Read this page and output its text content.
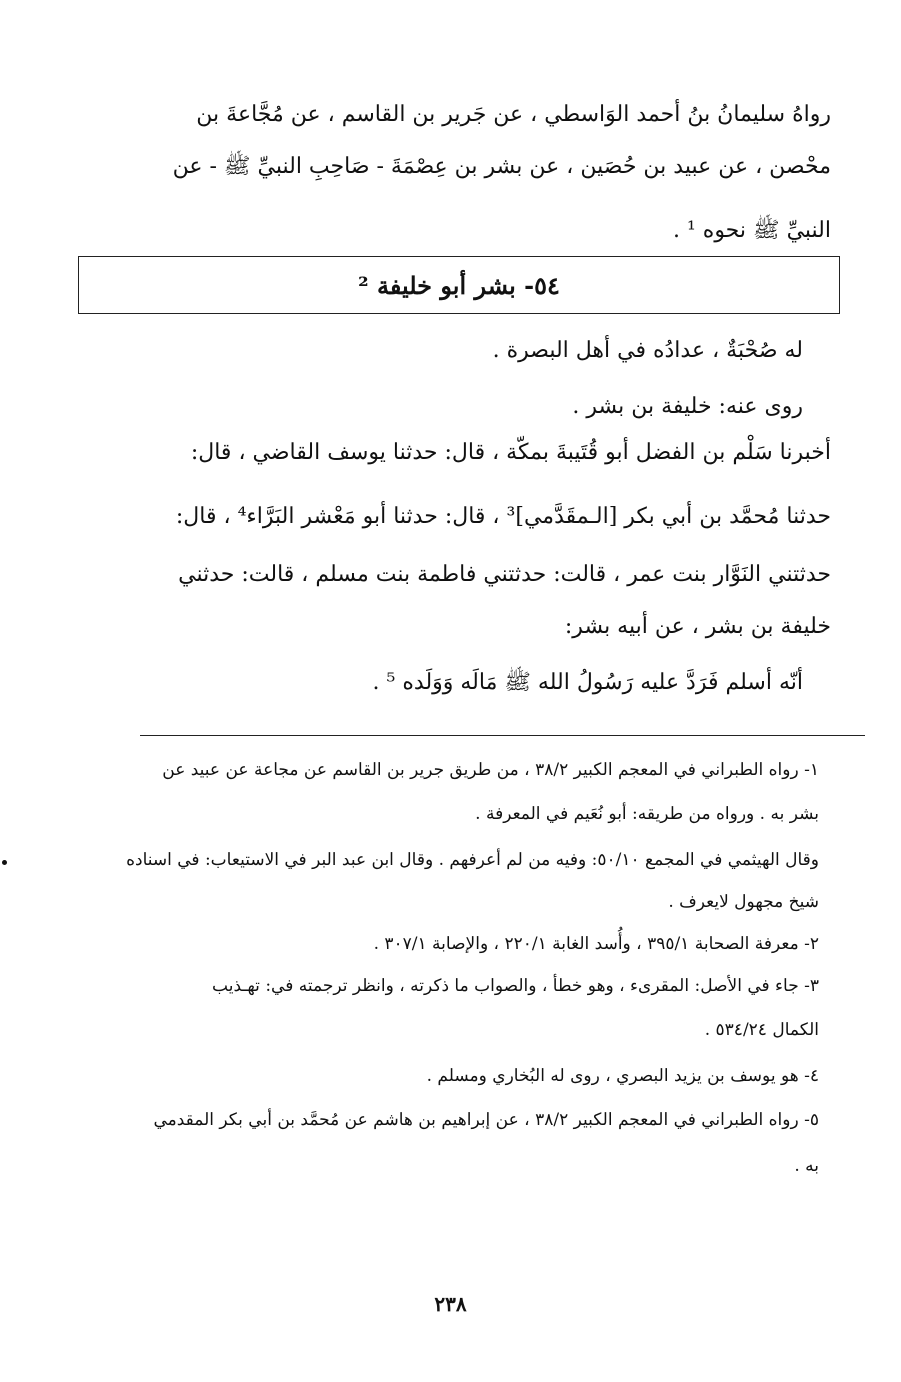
رواهُ سليمانُ بنُ أحمد الوَاسطي ، عن جَرير بن القاسم ، عن مُجَّاعةَ بن
محْصن ، عن عبيد بن حُصَين ، عن بشر بن عِصْمَةَ - صَاحِبِ النبيِّ ﷺ - عن
النبيِّ ﷺ نحوه ¹ .
٥٤- بشر أبو خليفة ²
له صُحْبَةٌ ، عدادُه في أهل البصرة .
روى عنه: خليفة بن بشر .
أخبرنا سَلْم بن الفضل أبو قُتَيبةَ بمكّة ، قال: حدثنا يوسف القاضي ، قال:
حدثنا مُحمَّد بن أبي بكر [الـمقَدَّمي]³ ، قال: حدثنا أبو مَعْشر البَرَّاء⁴ ، قال:
حدثتني النَوَّار بنت عمر ، قالت: حدثتني فاطمة بنت مسلم ، قالت: حدثني
خليفة بن بشر ، عن أبيه بشر:
أنّه أسلم فَرَدَّ عليه رَسُولُ الله ﷺ مَالَه وَوَلَده ⁵ .
١- رواه الطبراني في المعجم الكبير ٣٨/٢ ، من طريق جرير بن القاسم عن مجاعة عن عبيد عن
بشر به . ورواه من طريقه: أبو نُعَيم في المعرفة .
وقال الهيثمي في المجمع ٥٠/١٠: وفيه من لم أعرفهم . وقال ابن عبد البر في الاستيعاب: في اسناده
شيخ مجهول لايعرف .
٢- معرفة الصحابة ٣٩٥/١ ، وأُسد الغابة ٢٢٠/١ ، والإصابة ٣٠٧/١ .
٣- جاء في الأصل: المقرىء ، وهو خطأ ، والصواب ما ذكرته ، وانظر ترجمته في: تهـذيب
الكمال ٥٣٤/٢٤ .
٤- هو يوسف بن يزيد البصري ، روى له البُخاري ومسلم .
٥- رواه الطبراني في المعجم الكبير ٣٨/٢ ، عن إبراهيم بن هاشم عن مُحمَّد بن أبي بكر المقدمي
به .
٢٣٨
